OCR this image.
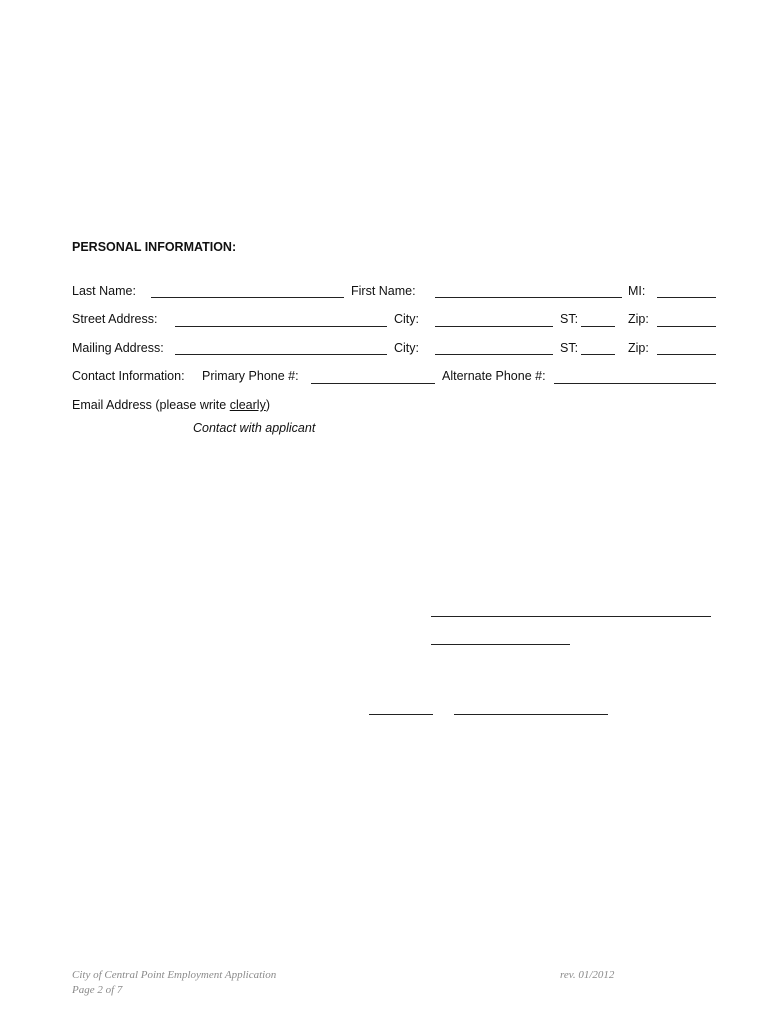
PERSONAL INFORMATION:
Last Name:	First Name:	MI:
Street Address:	City:	ST:	Zip:
Mailing Address:	City:	ST:	Zip:
Contact Information: Primary Phone #:	Alternate Phone #:
Email Address (please write clearly)
Contact with applicant
City of Central Point Employment Application
Page 2 of 7
rev. 01/2012
